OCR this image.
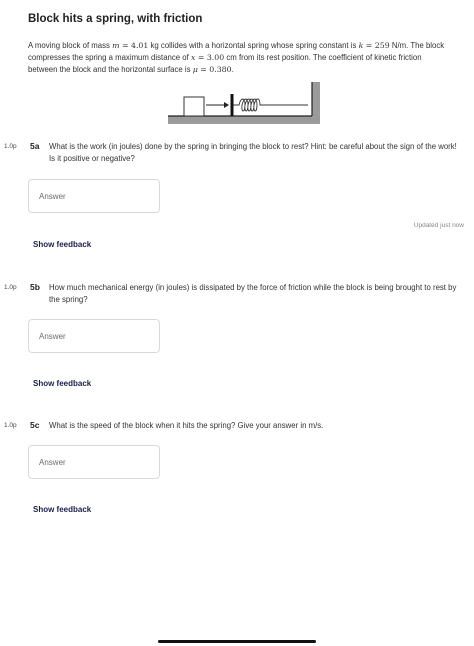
Block hits a spring, with friction
A moving block of mass m = 4.01 kg collides with a horizontal spring whose spring constant is k = 259 N/m. The block compresses the spring a maximum distance of x = 3.00 cm from its rest position. The coefficient of kinetic friction between the block and the horizontal surface is μ = 0.380.
1.0p 5a What is the work (in joules) done by the spring in bringing the block to rest? Hint: be careful about the sign of the work! Is it positive or negative?
Answer
Updated just now
Show feedback
1.0p 5b How much mechanical energy (in joules) is dissipated by the force of friction while the block is being brought to rest by the spring?
Answer
Show feedback
1.0p 5c What is the speed of the block when it hits the spring? Give your answer in m/s.
Answer
Show feedback
